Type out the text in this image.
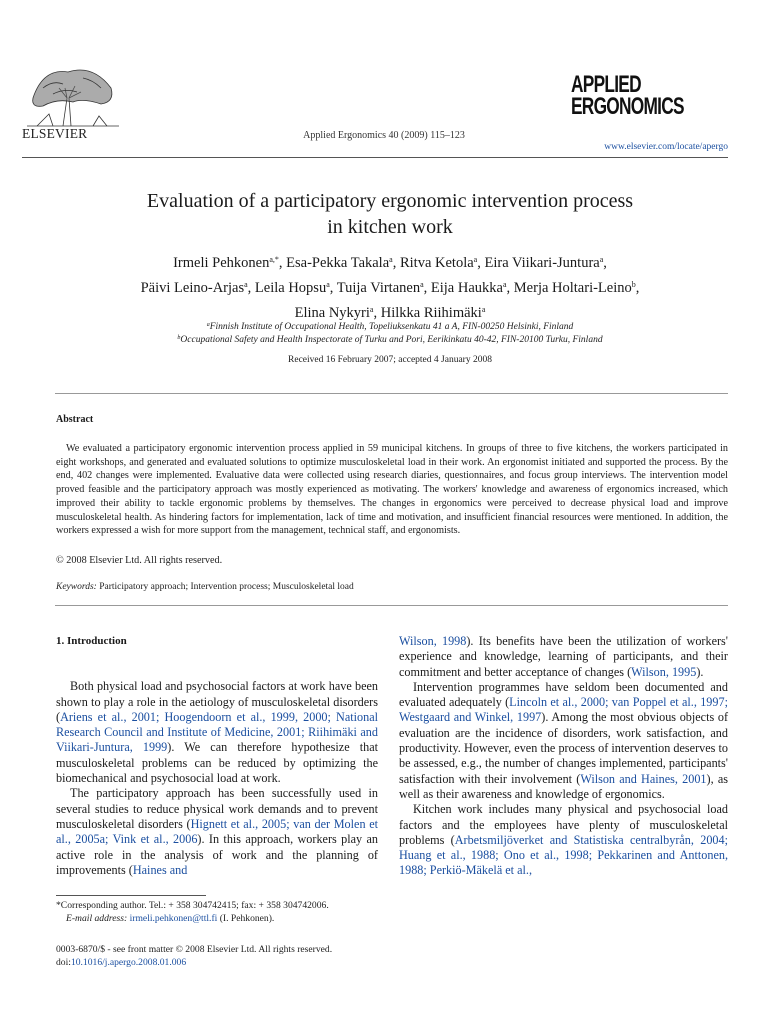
ELSEVIER	Applied Ergonomics 40 (2009) 115–123
APPLIED
ERGONOMICS
www.elsevier.com/locate/apergo
Evaluation of a participatory ergonomic intervention process
in kitchen work
Irmeli Pehkonen$^{a,*}$, Esa-Pekka Takala$^a$, Ritva Ketola$^a$, Eira Viikari-Juntura$^a$,
Päivi Leino-Arjas$^a$, Leila Hopsu$^a$, Tuija Virtanen$^a$, Eija Haukka$^a$, Merja Holtari-Leino$^b$,
Elina Nykyri$^a$, Hilkka Riihimäki$^a$
$^a$Finnish Institute of Occupational Health, Topeliuksenkatu 41 a A, FIN-00250 Helsinki, Finland
$^b$Occupational Safety and Health Inspectorate of Turku and Pori, Eerikinkatu 40-42, FIN-20100 Turku, Finland
Received 16 February 2007; accepted 4 January 2008
Abstract
We evaluated a participatory ergonomic intervention process applied in 59 municipal kitchens. In groups of three to five kitchens, the workers participated in eight workshops, and generated and evaluated solutions to optimize musculoskeletal load in their work. An ergonomist initiated and supported the process. By the end, 402 changes were implemented. Evaluative data were collected using research diaries, questionnaires, and focus group interviews. The intervention model proved feasible and the participatory approach was mostly experienced as motivating. The workers' knowledge and awareness of ergonomics increased, which improved their ability to tackle ergonomic problems by themselves. The changes in ergonomics were perceived to decrease physical load and improve musculoskeletal health. As hindering factors for implementation, lack of time and motivation, and insufficient financial resources were mentioned. In addition, the workers expressed a wish for more support from the management, technical staff, and ergonomists.
© 2008 Elsevier Ltd. All rights reserved.
Keywords: Participatory approach; Intervention process; Musculoskeletal load
1. Introduction

Both physical load and psychosocial factors at work have been shown to play a role in the aetiology of musculoskeletal disorders (Ariens et al., 2001; Hoogendoorn et al., 1999, 2000; National Research Council and Institute of Medicine, 2001; Riihimäki and Viikari-Juntura, 1999). We can therefore hypothesize that musculoskeletal problems can be reduced by optimizing the biomechanical and psychosocial load at work.

The participatory approach has been successfully used in several studies to reduce physical work demands and to prevent musculoskeletal disorders (Hignett et al., 2005; van der Molen et al., 2005a; Vink et al., 2006). In this approach, workers play an active role in the analysis of work and the planning of improvements (Haines and

Wilson, 1998). Its benefits have been the utilization of workers' experience and knowledge, learning of participants, and their commitment and better acceptance of changes (Wilson, 1995).

Intervention programmes have seldom been documented and evaluated adequately (Lincoln et al., 2000; van Poppel et al., 1997; Westgaard and Winkel, 1997). Among the most obvious objects of evaluation are the incidence of disorders, work satisfaction, and productivity. However, even the process of intervention deserves to be assessed, e.g., the number of changes implemented, participants' satisfaction with their involvement (Wilson and Haines, 2001), as well as their awareness and knowledge of ergonomics.

Kitchen work includes many physical and psychosocial load factors and the employees have plenty of musculoskeletal problems (Arbetsmiljöverket and Statistiska centralbyrån, 2004; Huang et al., 1988; Ono et al., 1998; Pekkarinen and Anttonen, 1988; Perkiö-Mäkelä et al.,

*Corresponding author. Tel.: + 358 304742415; fax: + 358 304742006.
E-mail address: irmeli.pehkonen@ttl.fi (I. Pehkonen).
0003-6870/$ - see front matter © 2008 Elsevier Ltd. All rights reserved.
doi:10.1016/j.apergo.2008.01.006
